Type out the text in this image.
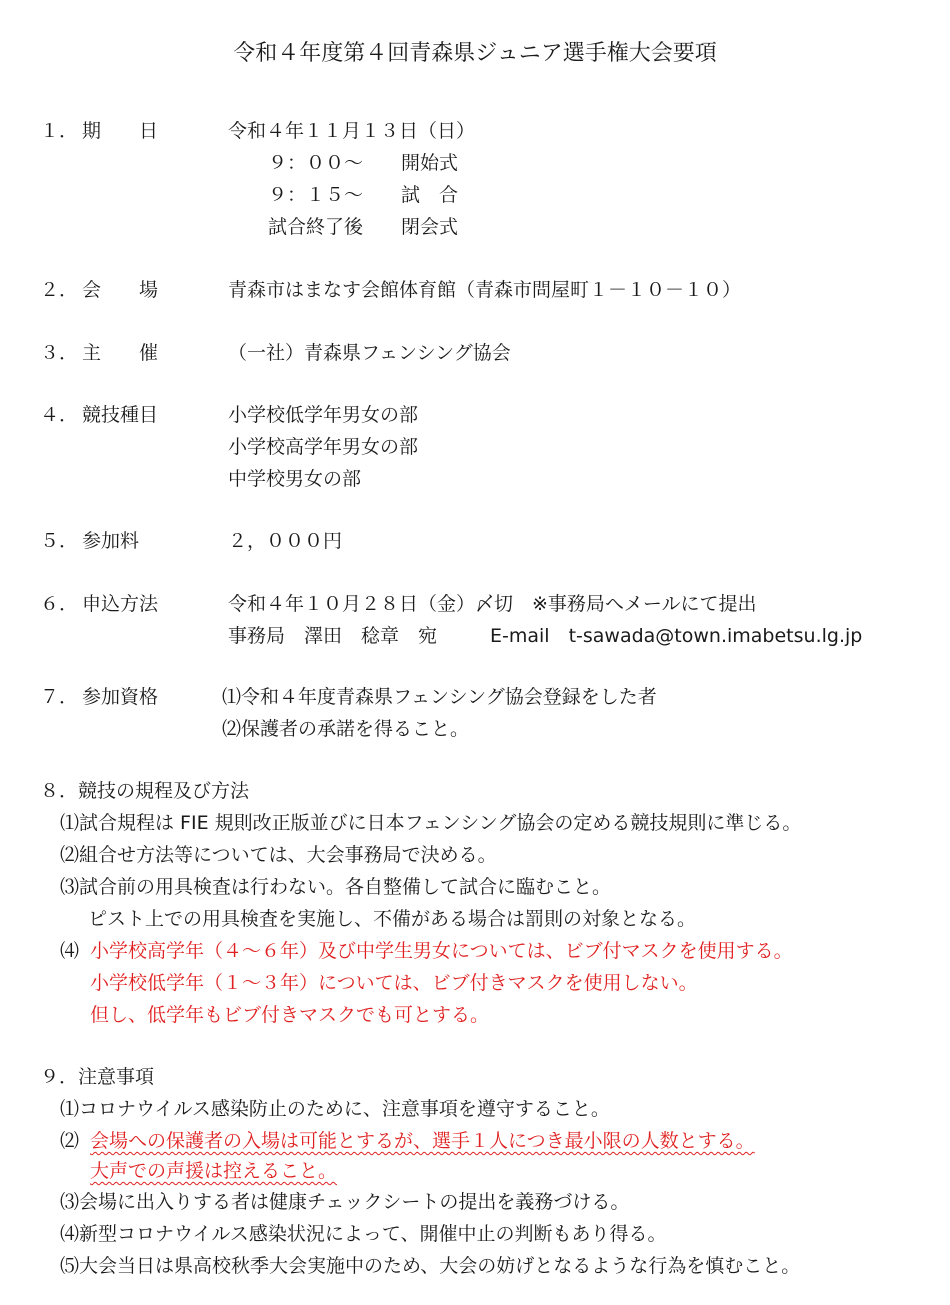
令和４年度第４回青森県ジュニア選手権大会要項
１． 期　　日	令和４年１１月１３日（日）
９：００～　　開始式
９：１５～　　試　合
試合終了後　　閉会式
２． 会　　場	青森市はまなす会館体育館（青森市問屋町１－１０－１０）
３． 主　　催	（一社）青森県フェンシング協会
４． 競技種目	小学校低学年男女の部
小学校高学年男女の部
中学校男女の部
５． 参加料	２，０００円
６． 申込方法	令和４年１０月２８日（金）〆切　※事務局へメールにて提出
事務局　澤田　稔章　宛	E-mail　t-sawada@town.imabetsu.lg.jp
７． 参加資格	⑴令和４年度青森県フェンシング協会登録をした者
⑵保護者の承諾を得ること。
８．競技の規程及び方法
⑴試合規程は FIE 規則改正版並びに日本フェンシング協会の定める競技規則に準じる。
⑵組合せ方法等については、大会事務局で決める。
⑶試合前の用具検査は行わない。各自整備して試合に臨むこと。
ピスト上での用具検査を実施し、不備がある場合は罰則の対象となる。
⑷ 小学校高学年（４～６年）及び中学生男女については、ビブ付マスクを使用する。
小学校低学年（１～３年）については、ビブ付きマスクを使用しない。
但し、低学年もビブ付きマスクでも可とする。
９．注意事項
⑴コロナウイルス感染防止のために、注意事項を遵守すること。
⑵ 会場への保護者の入場は可能とするが、選手１人につき最小限の人数とする。
大声での声援は控えること。
⑶会場に出入りする者は健康チェックシートの提出を義務づける。
⑷新型コロナウイルス感染状況によって、開催中止の判断もあり得る。
⑸大会当日は県高校秋季大会実施中のため、大会の妨げとなるような行為を慎むこと。
